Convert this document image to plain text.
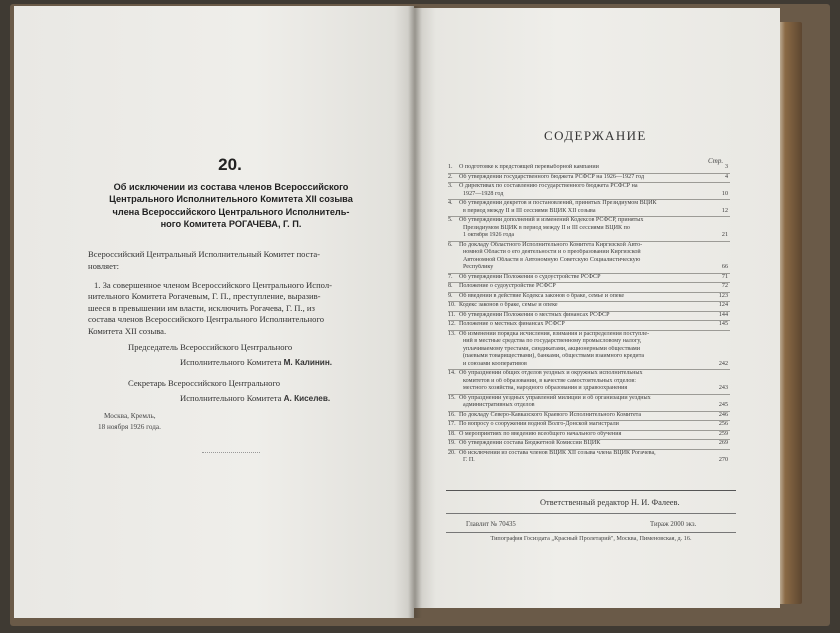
20.
Об исключении из состава членов Всероссийского
Центрального Исполнительного Комитета XII созыва
члена Всероссийского Центрального Исполнитель-
ного Комитета РОГАЧЕВА, Г. П.
Всероссийский Центральный Исполнительный Комитет поста-
новляет:
1. За совершенное членом Всероссийского Центрального Испол-
нительного Комитета Рогачевым, Г. П., преступление, выразив-
шееся в превышении им власти, исключить Рогачева, Г. П., из
состава членов Всероссийского Центрального Исполнительного
Комитета XII созыва.
Председатель Всероссийского Центрального
Исполнительного Комитета М. Калинин.
Секретарь Всероссийского Центрального
Исполнительного Комитета А. Киселев.
Москва, Кремль,
18 ноября 1926 года.
СОДЕРЖАНИЕ
Стр.
1. О подготовке к предстоящей перевыборной кампании	3
2. Об утверждении государственного бюджета РСФСР на 1926—1927 год	4
3. О директивах по составлению государственного бюджета РСФСР на
1927—1928 год	10
4. Об утверждении декретов и постановлений, принятых Президиумом ВЦИК
в период между II и III сессиями ВЦИК XII созыва	12
5. Об утверждении дополнений и изменений Кодексов РСФСР, принятых
Президиумом ВЦИК в период между II и III сессиями ВЦИК по
1 октября 1926 года	21
6. По докладу Областного Исполнительного Комитета Киргизской Авто-
номной Области о его деятельности и о преобразовании Киргизской
Автономной Области в Автономную Советскую Социалистическую
Республику	66
7. Об утверждении Положения о судоустройстве РСФСР	71
8. Положение о судоустройстве РСФСР	72
9. Об введении в действие Кодекса законов о браке, семье и опеке	123
10. Кодекс законов о браке, семье и опеке	124
11. Об утверждении Положения о местных финансах РСФСР	144
12. Положение о местных финансах РСФСР	145
13. Об изменении порядка исчисления, взимания и распределения поступле-
ний в местные средства по государственному промысловому налогу,
уплачиваемому трестами, синдикатами, акционерными обществами
(паевыми товариществами), банками, обществами взаимного кредита
и союзами кооперативов	242
14. Об упразднении общих отделов уездных и окружных исполнительных
комитетов и об образовании, в качестве самостоятельных отделов:
местного хозяйства, народного образования и здравоохранения	243
15. Об упразднении уездных управлений милиции и об организации уездных
административных отделов	245
16. По докладу Северо-Кавказского Краевого Исполнительного Комитета	246
17. По вопросу о сооружении водной Волго-Донской магистрали	256
18. О мероприятиях по введению всеобщего начального обучения	259
19. Об утверждении состава Бюджетной Комиссии ВЦИК	269
20. Об исключении из состава членов ВЦИК XII созыва члена ВЦИК Рогачева,
Г. П.	270
Ответственный редактор Н. И. Фалеев.
Главлит № 70435	Тираж 2000 экз.
Типография Госиздата „Красный Пролетарий", Москва, Пименовская, д. 16.
